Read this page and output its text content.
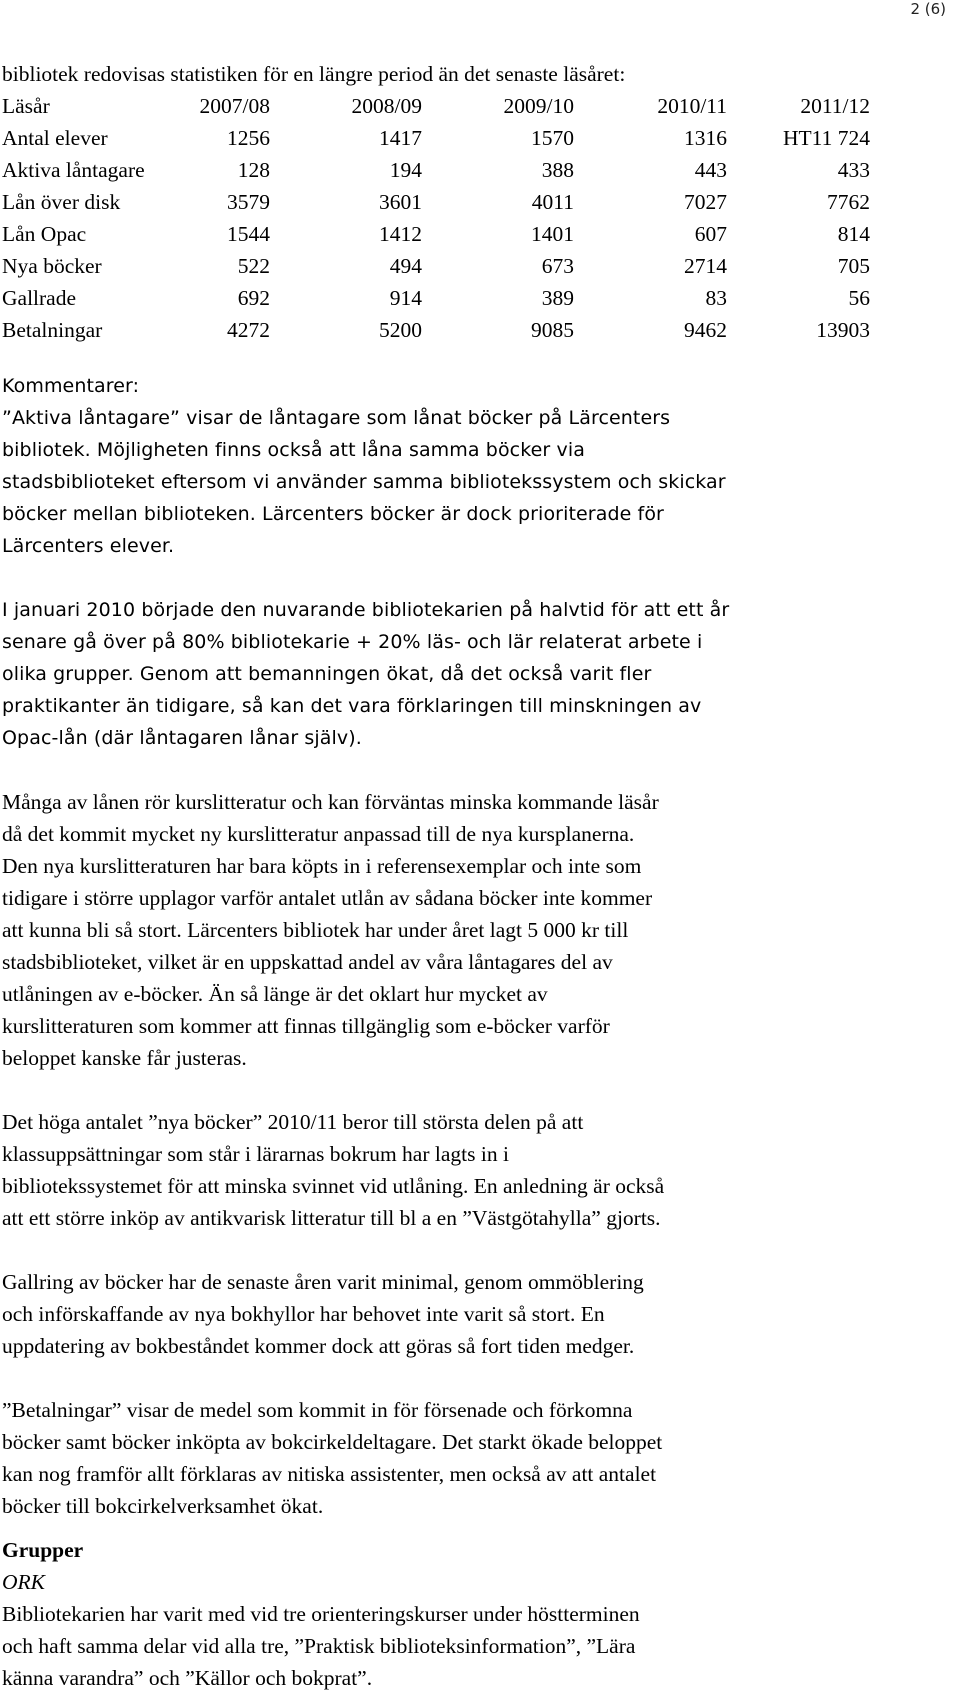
2 (6)

bibliotek redovisas statistiken för en längre period än det senaste läsåret:

Läsår	2007/08	2008/09	2009/10	2010/11	2011/12
Antal elever	1256	1417	1570	1316	HT11 724
Aktiva låntagare	128	194	388	443	433
Lån över disk	3579	3601	4011	7027	7762
Lån Opac	1544	1412	1401	607	814
Nya böcker	522	494	673	2714	705
Gallrade	692	914	389	83	56
Betalningar	4272	5200	9085	9462	13903

Kommentarer:

”Aktiva låntagare” visar de låntagare som lånat böcker på Lärcenters

bibliotek. Möjligheten finns också att låna samma böcker via

stadsbiblioteket eftersom vi använder samma bibliotekssystem och skickar

böcker mellan biblioteken. Lärcenters böcker är dock prioriterade för

Lärcenters elever.

I januari 2010 började den nuvarande bibliotekarien på halvtid för att ett år

senare gå över på 80% bibliotekarie + 20% läs- och lär relaterat arbete i

olika grupper. Genom att bemanningen ökat, då det också varit fler

praktikanter än tidigare, så kan det vara förklaringen till minskningen av

Opac-lån (där låntagaren lånar själv).

Många av lånen rör kurslitteratur och kan förväntas minska kommande läsår

då det kommit mycket ny kurslitteratur anpassad till de nya kursplanerna.

Den nya kurslitteraturen har bara köpts in i referensexemplar och inte som

tidigare i större upplagor varför antalet utlån av sådana böcker inte kommer

att kunna bli så stort. Lärcenters bibliotek har under året lagt 5 000 kr till

stadsbiblioteket, vilket är en uppskattad andel av våra låntagares del av

utlåningen av e-böcker. Än så länge är det oklart hur mycket av

kurslitteraturen som kommer att finnas tillgänglig som e-böcker varför

beloppet kanske får justeras.

Det höga antalet ”nya böcker” 2010/11 beror till största delen på att

klassuppsättningar som står i lärarnas bokrum har lagts in i

bibliotekssystemet för att minska svinnet vid utlåning. En anledning är också

att ett större inköp av antikvarisk litteratur till bl a en ”Västgötahylla” gjorts.

Gallring av böcker har de senaste åren varit minimal, genom ommöblering

och införskaffande av nya bokhyllor har behovet inte varit så stort. En

uppdatering av bokbeståndet kommer dock att göras så fort tiden medger.

”Betalningar” visar de medel som kommit in för försenade och förkomna

böcker samt böcker inköpta av bokcirkeldeltagare. Det starkt ökade beloppet

kan nog framför allt förklaras av nitiska assistenter, men också av att antalet

böcker till bokcirkelverksamhet ökat.

Grupper

ORK

Bibliotekarien har varit med vid tre orienteringskurser under höstterminen

och haft samma delar vid alla tre, ”Praktisk biblioteksinformation”, ”Lära

känna varandra” och ”Källor och bokprat”.
